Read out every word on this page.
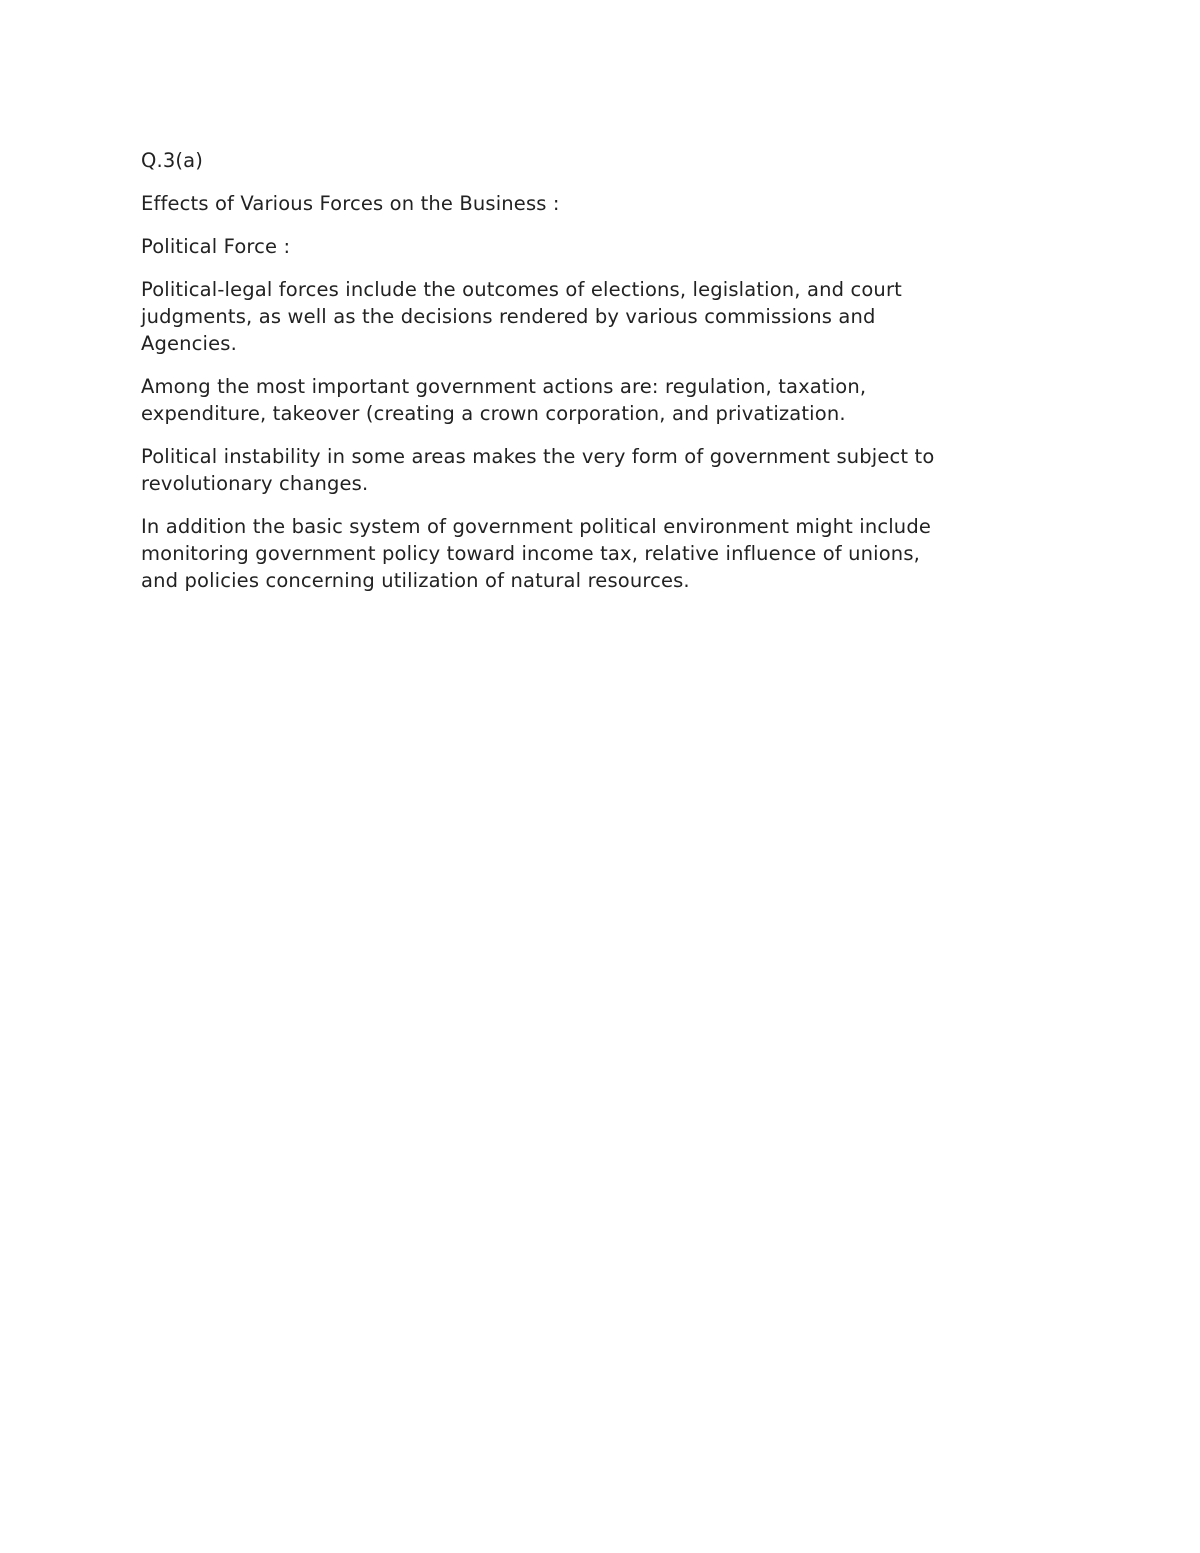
Q.3(a)

Effects of Various Forces on the Business :

Political Force :

Political-legal forces include the outcomes of elections, legislation, and court
judgments, as well as the decisions rendered by various commissions and
Agencies.

Among the most important government actions are: regulation, taxation,
expenditure, takeover (creating a crown corporation, and privatization.

Political instability in some areas makes the very form of government subject to
revolutionary changes.

In addition the basic system of government political environment might include
monitoring government policy toward income tax, relative influence of unions,
and policies concerning utilization of natural resources.
